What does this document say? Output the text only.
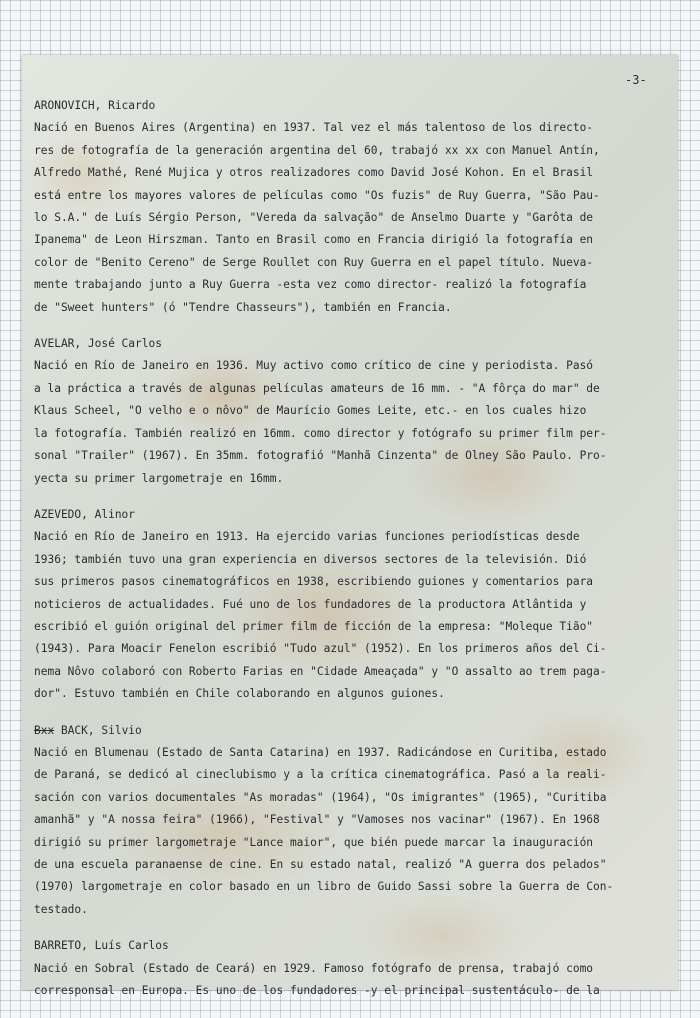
-3-

ARONOVICH, Ricardo

Nació en Buenos Aires (Argentina) en 1937. Tal vez el más talentoso de los directo-

res de fotografía de la generación argentina del 60, trabajó xx xx con Manuel Antín,

Alfredo Mathé, René Mujica y otros realizadores como David José Kohon. En el Brasil

está entre los mayores valores de películas como "Os fuzis" de Ruy Guerra, "São Pau-

lo S.A." de Luís Sérgio Person, "Vereda da salvação" de Anselmo Duarte y "Garôta de

Ipanema" de Leon Hirszman. Tanto en Brasil como en Francia dirigió la fotografía en

color de "Benito Cereno" de Serge Roullet con Ruy Guerra en el papel título. Nueva-

mente trabajando junto a Ruy Guerra -esta vez como director- realizó la fotografía

de "Sweet hunters" (ó "Tendre Chasseurs"), también en Francia.

AVELAR, José Carlos

Nació en Río de Janeiro en 1936. Muy activo como crítico de cine y periodista. Pasó

a la práctica a través de algunas películas amateurs de 16 mm. - "A fôrça do mar" de

Klaus Scheel, "O velho e o nôvo" de Maurício Gomes Leite, etc.- en los cuales hizo

la fotografía. También realizó en 16mm. como director y fotógrafo su primer film per-

sonal "Trailer" (1967). En 35mm. fotografió "Manhã Cinzenta" de Olney São Paulo. Pro-

yecta su primer largometraje en 16mm.

AZEVEDO, Alinor

Nació en Río de Janeiro en 1913. Ha ejercido varias funciones periodísticas desde

1936; también tuvo una gran experiencia en diversos sectores de la televisión. Dió

sus primeros pasos cinematográficos en 1938, escribiendo guiones y comentarios para

noticieros de actualidades. Fué uno de los fundadores de la productora Atlântida y

escribió el guión original del primer film de ficción de la empresa: "Moleque Tião"

(1943). Para Moacir Fenelon escribió "Tudo azul" (1952). En los primeros años del Ci-

nema Nôvo colaboró con Roberto Farias en "Cidade Ameaçada" y "O assalto ao trem paga-

dor". Estuvo también en Chile colaborando en algunos guiones.

Bxx BACK, Silvio

Nació en Blumenau (Estado de Santa Catarina) en 1937. Radicándose en Curitiba, estado

de Paraná, se dedicó al cineclubismo y a la crítica cinematográfica. Pasó a la reali-

sación con varios documentales "As moradas" (1964), "Os imigrantes" (1965), "Curitiba

amanhã" y "A nossa feira" (1966), "Festival" y "Vamoses nos vacinar" (1967). En 1968

dirigió su primer largometraje "Lance maior", que bién puede marcar la inauguración

de una escuela paranaense de cine. En su estado natal, realizó "A guerra dos pelados"

(1970) largometraje en color basado en un libro de Guido Sassi sobre la Guerra de Con-

testado.

BARRETO, Luís Carlos

Nació en Sobral (Estado de Ceará) en 1929. Famoso fotógrafo de prensa, trabajó como

corresponsal en Europa. Es uno de los fundadores -y el principal sustentáculo- de la
